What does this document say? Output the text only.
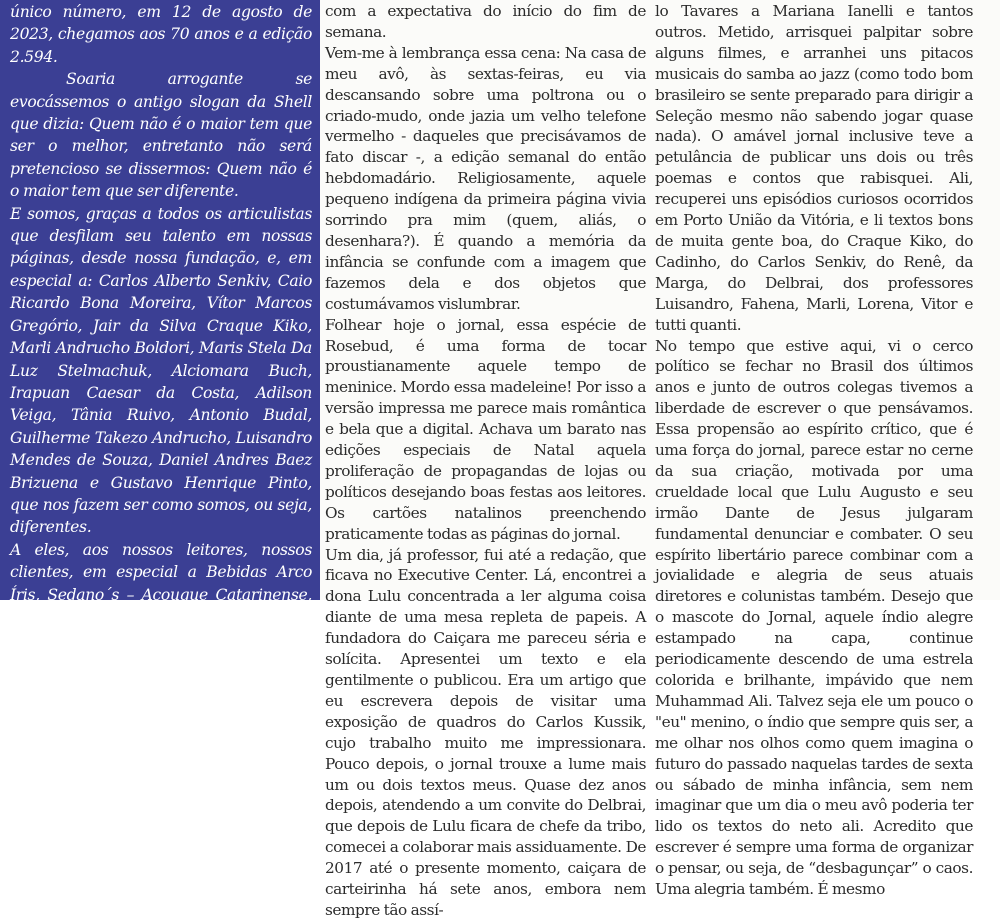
único número, em 12 de agosto de 2023, chegamos aos 70 anos e a edição 2.594.

Soaria arrogante se evocássemos o antigo slogan da Shell que dizia: Quem não é o maior tem que ser o melhor, entretanto não será pretencioso se dissermos: Quem não é o maior tem que ser diferente.

E somos, graças a todos os articulistas que desfilam seu talento em nossas páginas, desde nossa fundação, e, em especial a: Carlos Alberto Senkiv, Caio Ricardo Bona Moreira, Vítor Marcos Gregório, Jair da Silva Craque Kiko, Marli Andrucho Boldori, Maris Stela Da Luz Stelmachuk, Alciomara Buch, Irapuan Caesar da Costa, Adilson Veiga, Tânia Ruivo, Antonio Budal, Guilherme Takezo Andrucho, Luisandro Mendes de Souza, Daniel Andres Baez Brizuena e Gustavo Henrique Pinto, que nos fazem ser como somos, ou seja, diferentes.

A eles, aos nossos leitores, nossos clientes, em especial a Bebidas Arco Íris, Sedano´s – Açougue Catarinense, Ugv – Centro Universitário, X Burguer Restaurante, Farofa Fina Restaurante e Café, A. A Contabilidade, Casa dos Óculos, Fernanda Passos Optometrista, Prefeitura Municipal de

com a expectativa do início do fim de semana.

Vem-me à lembrança essa cena: Na casa de meu avô, às sextas-feiras, eu via descansando sobre uma poltrona ou o criado-mudo, onde jazia um velho telefone vermelho - daqueles que precisávamos de fato discar -, a edição semanal do então hebdomadário. Religiosamente, aquele pequeno indígena da primeira página vivia sorrindo pra mim (quem, aliás, o desenhara?). É quando a memória da infância se confunde com a imagem que fazemos dela e dos objetos que costumávamos vislumbrar.

Folhear hoje o jornal, essa espécie de Rosebud, é uma forma de tocar proustianamente aquele tempo de meninice. Mordo essa madeleine! Por isso a versão impressa me parece mais romântica e bela que a digital. Achava um barato nas edições especiais de Natal aquela proliferação de propagandas de lojas ou políticos desejando boas festas aos leitores. Os cartões natalinos preenchendo praticamente todas as páginas do jornal.

Um dia, já professor, fui até a redação, que ficava no Executive Center. Lá, encontrei a dona Lulu concentrada a ler alguma coisa diante de uma mesa repleta de papeis. A fundadora do Caiçara me pareceu séria e solícita. Apresentei um texto e ela gentilmente o publicou. Era um artigo que eu escrevera depois de visitar uma exposição de quadros do Carlos Kussik, cujo trabalho muito me impressionara. Pouco depois, o jornal trouxe a lume mais um ou dois textos meus. Quase dez anos depois, atendendo a um convite do Delbrai, que depois de Lulu ficara de chefe da tribo, comecei a colaborar mais assiduamente. De 2017 até o presente momento, caiçara de carteirinha há sete anos, embora nem sempre tão assí-

lo Tavares a Mariana Ianelli e tantos outros. Metido, arrisquei palpitar sobre alguns filmes, e arranhei uns pitacos musicais do samba ao jazz (como todo bom brasileiro se sente preparado para dirigir a Seleção mesmo não sabendo jogar quase nada). O amável jornal inclusive teve a petulância de publicar uns dois ou três poemas e contos que rabisquei. Ali, recuperei uns episódios curiosos ocorridos em Porto União da Vitória, e li textos bons de muita gente boa, do Craque Kiko, do Cadinho, do Carlos Senkiv, do Renê, da Marga, do Delbrai, dos professores Luisandro, Fahena, Marli, Lorena, Vitor e tutti quanti.

No tempo que estive aqui, vi o cerco político se fechar no Brasil dos últimos anos e junto de outros colegas tivemos a liberdade de escrever o que pensávamos. Essa propensão ao espírito crítico, que é uma força do jornal, parece estar no cerne da sua criação, motivada por uma crueldade local que Lulu Augusto e seu irmão Dante de Jesus julgaram fundamental denunciar e combater. O seu espírito libertário parece combinar com a jovialidade e alegria de seus atuais diretores e colunistas também. Desejo que o mascote do Jornal, aquele índio alegre estampado na capa, continue periodicamente descendo de uma estrela colorida e brilhante, impávido que nem Muhammad Ali. Talvez seja ele um pouco o "eu" menino, o índio que sempre quis ser, a me olhar nos olhos como quem imagina o futuro do passado naquelas tardes de sexta ou sábado de minha infância, sem nem imaginar que um dia o meu avô poderia ter lido os textos do neto ali. Acredito que escrever é sempre uma forma de organizar o pensar, ou seja, de “desbagunçar” o caos. Uma alegria também. É mesmo
